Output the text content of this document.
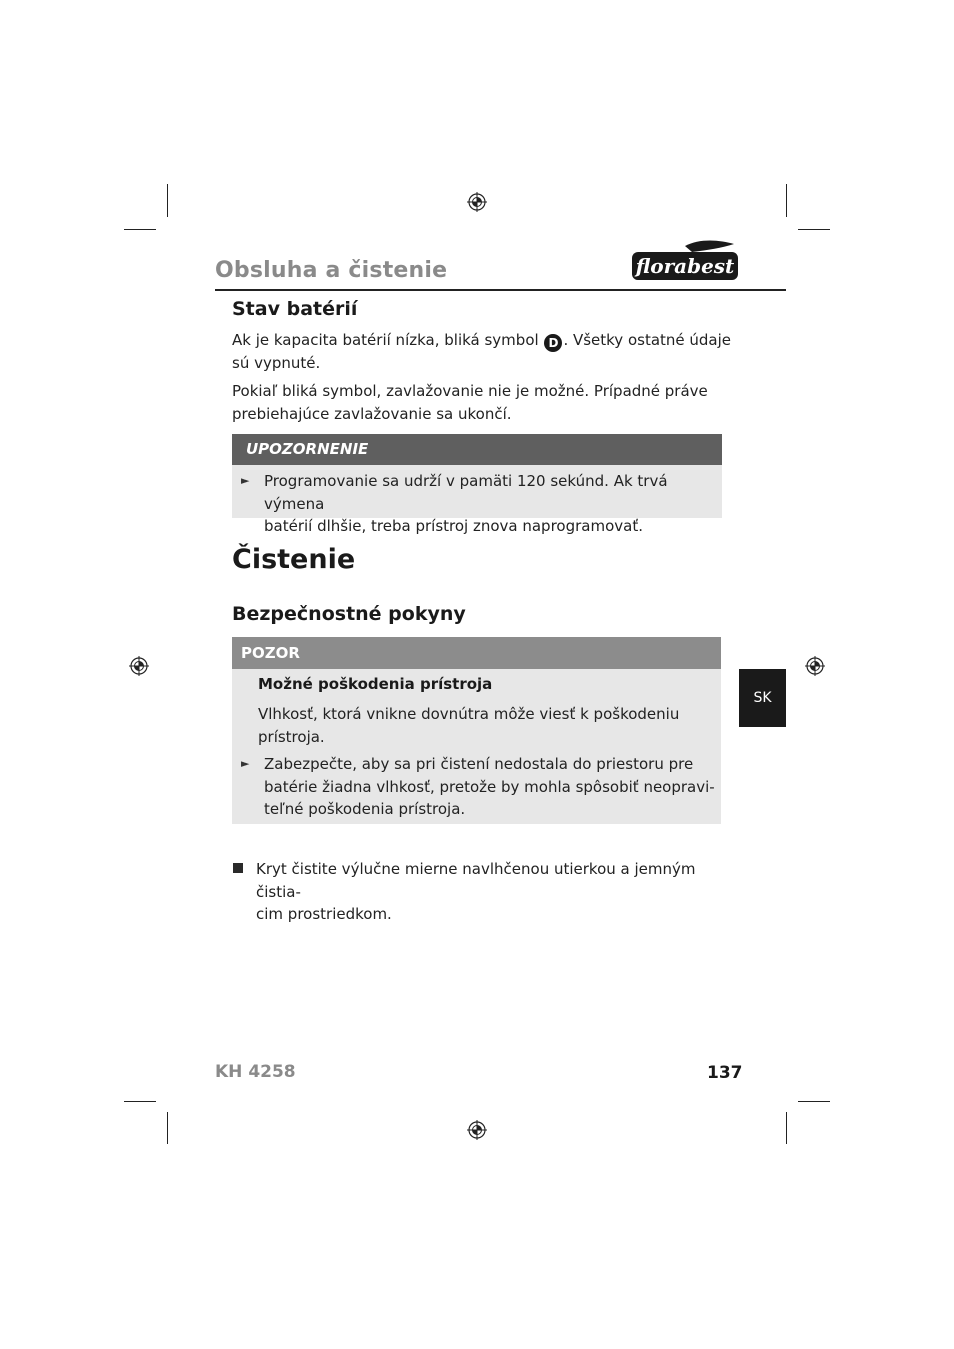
Obsluha a čistenie	florabest
Stav batérií
Ak je kapacita batérií nízka, bliká symbol D . Všetky ostatné údaje
sú vypnuté.
Pokiaľ bliká symbol, zavlažovanie nie je možné. Prípadné práve
prebiehajúce zavlažovanie sa ukončí.
UPOZORNENIE
► Programovanie sa udrží v pamäti 120 sekúnd. Ak trvá výmena
batérií dlhšie, treba prístroj znova naprogramovať.
Čistenie
Bezpečnostné pokyny
POZOR
Možné poškodenia prístroja
Vlhkosť, ktorá vnikne dovnútra môže viesť k poškodeniu
prístroja.
► Zabezpečte, aby sa pri čistení nedostala do priestoru pre
batérie žiadna vlhkosť, pretože by mohla spôsobiť neopravi-
teľné poškodenia prístroja.
Kryt čistite výlučne mierne navlhčenou utierkou a jemným čistia-
cim prostriedkom.
SK
KH 4258	137
